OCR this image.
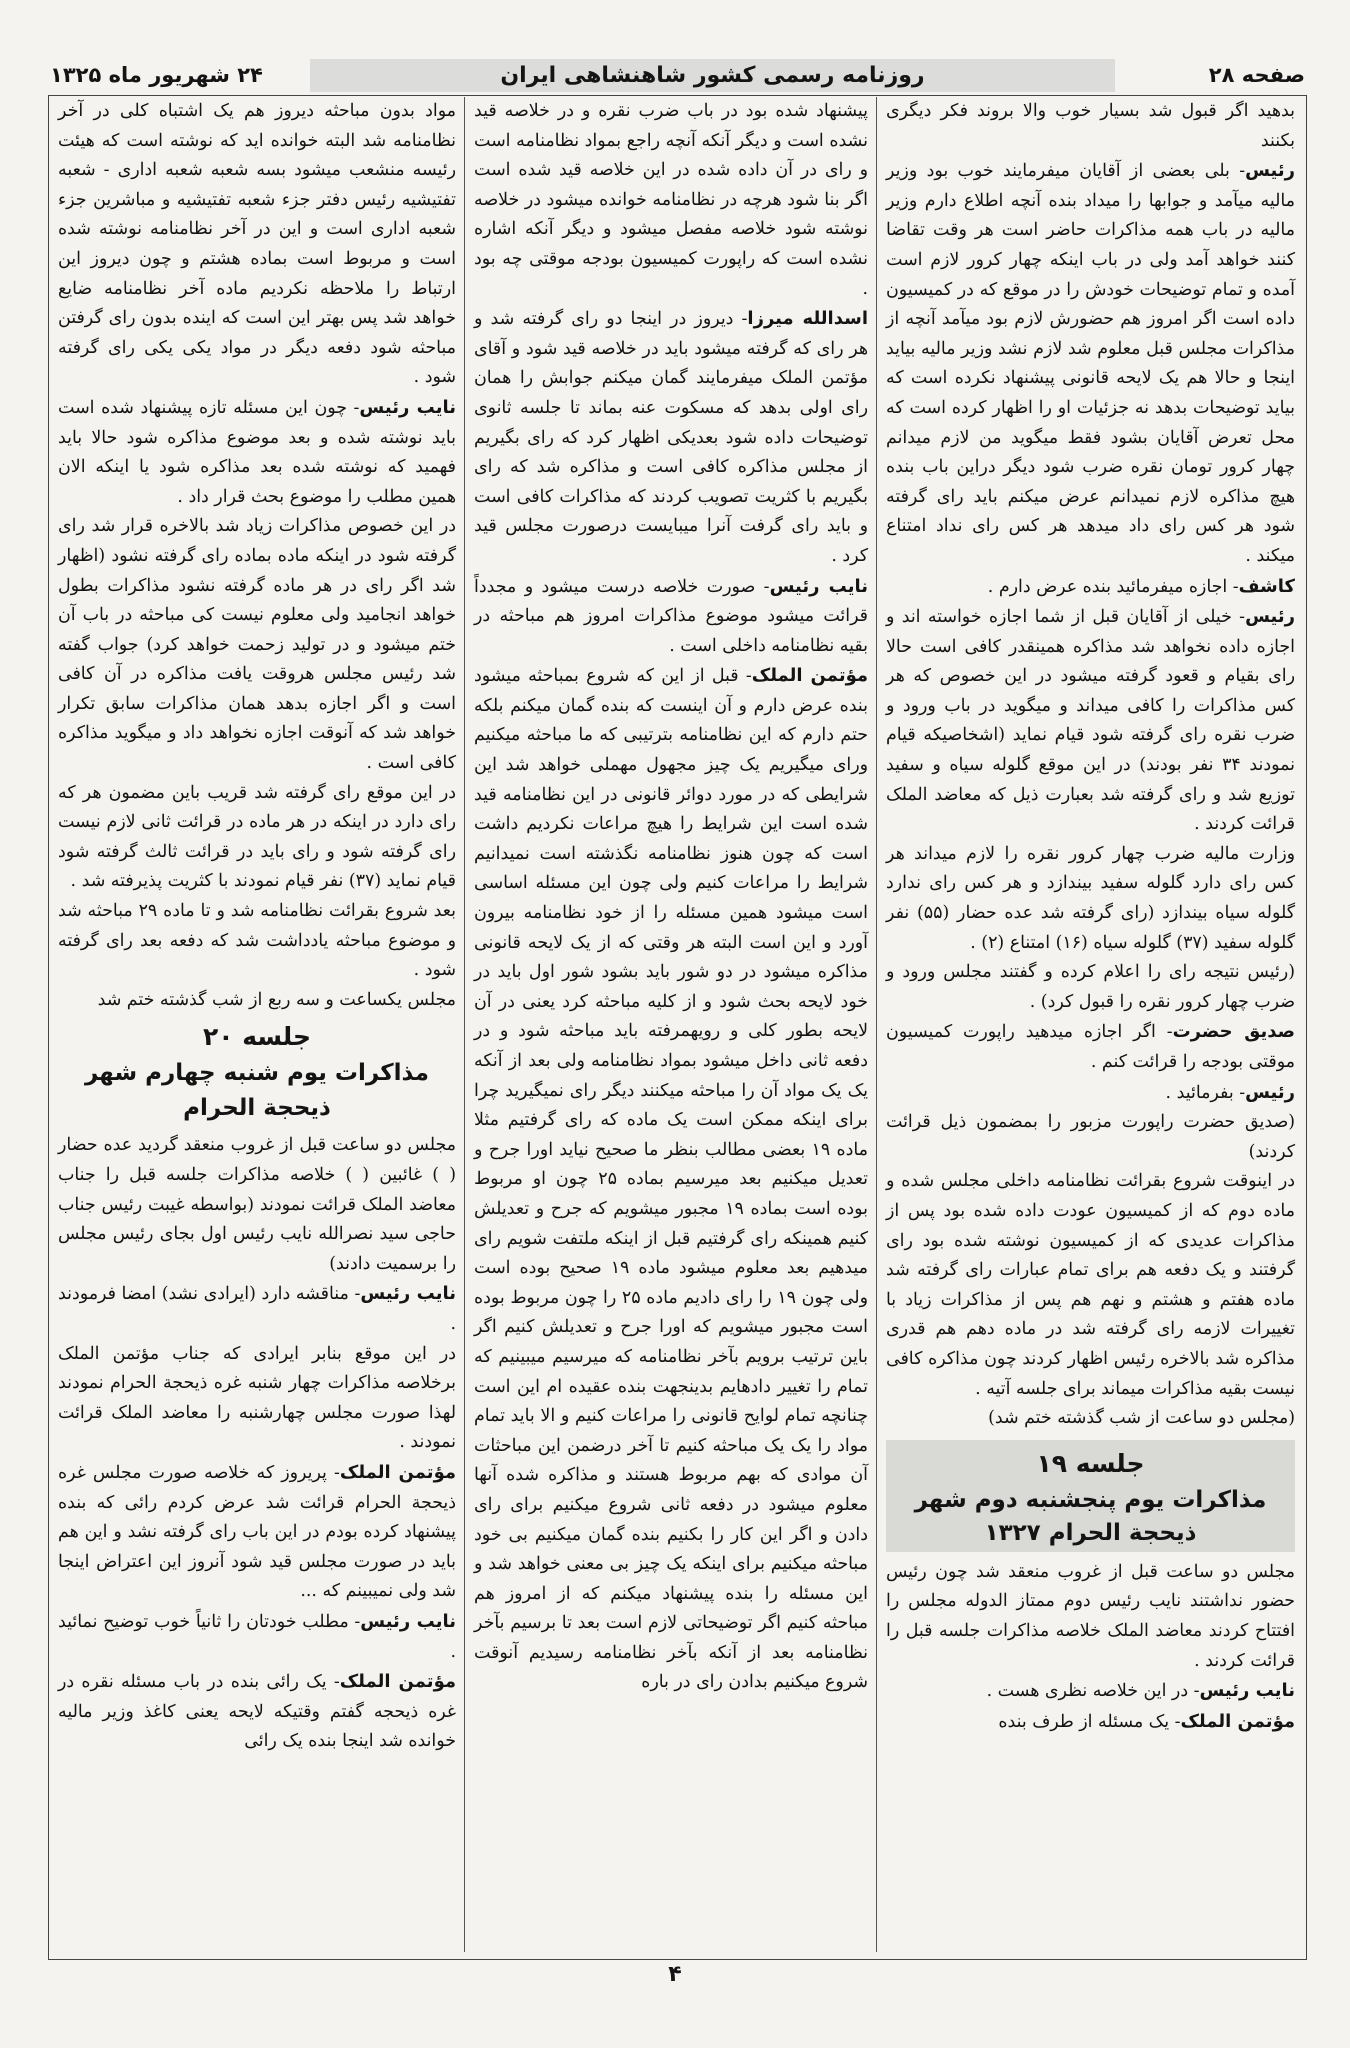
صفحه ۲۸
روزنامه رسمی کشور شاهنشاهی ایران
۲۴ شهریور ماه ۱۳۲۵

بدهید اگر قبول شد بسیار خوب والا بروند فکر دیگری بکنند

رئیس- بلی بعضی از آقایان میفرمایند خوب بود وزیر مالیه میآمد و جوابها را میداد بنده آنچه اطلاع دارم وزیر مالیه در باب همه مذاکرات حاضر است هر وقت تقاضا کنند خواهد آمد ولی در باب اینکه چهار کرور لازم است آمده و تمام توضیحات خودش را در موقع که در کمیسیون داده است اگر امروز هم حضورش لازم بود میآمد آنچه از مذاکرات مجلس قبل معلوم شد لازم نشد وزیر مالیه بیاید اینجا و حالا هم یک لایحه قانونی پیشنهاد نکرده است که بیاید توضیحات بدهد نه جزئیات او را اظهار کرده است که محل تعرض آقایان بشود فقط میگوید من لازم میدانم چهار کرور تومان نقره ضرب شود دیگر دراین باب بنده هیچ مذاکره لازم نمیدانم عرض میکنم باید رای گرفته شود هر کس رای داد میدهد هر کس رای نداد امتناع میکند .

کاشف- اجازه میفرمائید بنده عرض دارم .

رئیس- خیلی از آقایان قبل از شما اجازه خواسته اند و اجازه داده نخواهد شد مذاکره همینقدر کافی است حالا رای بقیام و قعود گرفته میشود در این خصوص که هر کس مذاکرات را کافی میداند و میگوید در باب ورود و ضرب نقره رای گرفته شود قیام نماید (اشخاصیکه قیام نمودند ۳۴ نفر بودند) در این موقع گلوله سیاه و سفید توزیع شد و رای گرفته شد بعبارت ذیل که معاضد الملک قرائت کردند .

وزارت مالیه ضرب چهار کرور نقره را لازم میداند هر کس رای دارد گلوله سفید بیندازد و هر کس رای ندارد گلوله سیاه بیندازد (رای گرفته شد عده حضار (۵۵) نفر گلوله سفید (۳۷) گلوله سیاه (۱۶) امتناع (۲) .

(رئیس نتیجه رای را اعلام کرده و گفتند مجلس ورود و ضرب چهار کرور نقره را قبول کرد) .

صدیق حضرت- اگر اجازه میدهید راپورت کمیسیون موقتی بودجه را قرائت کنم .

رئیس- بفرمائید .

(صدیق حضرت راپورت مزبور را بمضمون ذیل قرائت کردند)

در اینوقت شروع بقرائت نظامنامه داخلی مجلس شده و ماده دوم که از کمیسیون عودت داده شده بود پس از مذاکرات عدیدی که از کمیسیون نوشته شده بود رای گرفتند و یک دفعه هم برای تمام عبارات رای گرفته شد ماده هفتم و هشتم و نهم هم پس از مذاکرات زیاد با تغییرات لازمه رای گرفته شد در ماده دهم هم قدری مذاکره شد بالاخره رئیس اظهار کردند چون مذاکره کافی نیست بقیه مذاکرات میماند برای جلسه آتیه .

(مجلس دو ساعت از شب گذشته ختم شد)

جلسه ۱۹
مذاکرات یوم پنجشنبه دوم شهر
ذیحجة الحرام ۱۳۲۷

مجلس دو ساعت قبل از غروب منعقد شد چون رئیس حضور نداشتند نایب رئیس دوم ممتاز الدوله مجلس را افتتاح کردند معاضد الملک خلاصه مذاکرات جلسه قبل را قرائت کردند .

نایب رئیس- در این خلاصه نظری هست .

مؤتمن الملک- یک مسئله از طرف بنده

پیشنهاد شده بود در باب ضرب نقره و در خلاصه قید نشده است و دیگر آنکه آنچه راجع بمواد نظامنامه است و رای در آن داده شده در این خلاصه قید شده است اگر بنا شود هرچه در نظامنامه خوانده میشود در خلاصه نوشته شود خلاصه مفصل میشود و دیگر آنکه اشاره نشده است که راپورت کمیسیون بودجه موقتی چه بود .

اسدالله میرزا- دیروز در اینجا دو رای گرفته شد و هر رای که گرفته میشود باید در خلاصه قید شود و آقای مؤتمن الملک میفرمایند گمان میکنم جوابش را همان رای اولی بدهد که مسکوت عنه بماند تا جلسه ثانوی توضیحات داده شود بعدیکی اظهار کرد که رای بگیریم از مجلس مذاکره کافی است و مذاکره شد که رای بگیریم با کثریت تصویب کردند که مذاکرات کافی است و باید رای گرفت آنرا میبایست درصورت مجلس قید کرد .

نایب رئیس- صورت خلاصه درست میشود و مجدداً قرائت میشود موضوع مذاکرات امروز هم مباحثه در بقیه نظامنامه داخلی است .

مؤتمن الملک- قبل از این که شروع بمباحثه میشود بنده عرض دارم و آن اینست که بنده گمان میکنم بلکه حتم دارم که این نظامنامه بترتیبی که ما مباحثه میکنیم ورای میگیریم یک چیز مجهول مهملی خواهد شد این شرایطی که در مورد دوائر قانونی در این نظامنامه قید شده است این شرایط را هیچ مراعات نکردیم داشت است که چون هنوز نظامنامه نگذشته است نمیدانیم شرایط را مراعات کنیم ولی چون این مسئله اساسی است میشود همین مسئله را از خود نظامنامه بیرون آورد و این است البته هر وقتی که از یک لایحه قانونی مذاکره میشود در دو شور باید بشود شور اول باید در خود لایحه بحث شود و از کلیه مباحثه کرد یعنی در آن لایحه بطور کلی و رویهمرفته باید مباحثه شود و در دفعه ثانی داخل میشود بمواد نظامنامه ولی بعد از آنکه یک یک مواد آن را مباحثه میکنند دیگر رای نمیگیرید چرا برای اینکه ممکن است یک ماده که رای گرفتیم مثلا ماده ۱۹ بعضی مطالب بنظر ما صحیح نیاید اورا جرح و تعدیل میکنیم بعد میرسیم بماده ۲۵ چون او مربوط بوده است بماده ۱۹ مجبور میشویم که جرح و تعدیلش کنیم همینکه رای گرفتیم قبل از اینکه ملتفت شویم رای میدهیم بعد معلوم میشود ماده ۱۹ صحیح بوده است ولی چون ۱۹ را رای دادیم ماده ۲۵ را چون مربوط بوده است مجبور میشویم که اورا جرح و تعدیلش کنیم اگر باین ترتیب برویم بآخر نظامنامه که میرسیم میبینیم که تمام را تغییر دادهایم بدینجهت بنده عقیده ام این است چنانچه تمام لوایح قانونی را مراعات کنیم و الا باید تمام مواد را یک یک مباحثه کنیم تا آخر درضمن این مباحثات آن موادی که بهم مربوط هستند و مذاکره شده آنها معلوم میشود در دفعه ثانی شروع میکنیم برای رای دادن و اگر این کار را بکنیم بنده گمان میکنیم بی خود مباحثه میکنیم برای اینکه یک چیز بی معنی خواهد شد و این مسئله را بنده پیشنهاد میکنم که از امروز هم مباحثه کنیم اگر توضیحاتی لازم است بعد تا برسیم بآخر نظامنامه بعد از آنکه بآخر نظامنامه رسیدیم آنوقت شروع میکنیم بدادن رای در باره

مواد بدون مباحثه دیروز هم یک اشتباه کلی در آخر نظامنامه شد البته خوانده اید که نوشته است که هیئت رئیسه منشعب میشود بسه شعبه شعبه اداری - شعبه تفتیشیه رئیس دفتر جزء شعبه تفتیشیه و مباشرین جزء شعبه اداری است و این در آخر نظامنامه نوشته شده است و مربوط است بماده هشتم و چون دیروز این ارتباط را ملاحظه نکردیم ماده آخر نظامنامه ضایع خواهد شد پس بهتر این است که اینده بدون رای گرفتن مباحثه شود دفعه دیگر در مواد یکی یکی رای گرفته شود .

نایب رئیس- چون این مسئله تازه پیشنهاد شده است باید نوشته شده و بعد موضوع مذاکره شود حالا باید فهمید که نوشته شده بعد مذاکره شود یا اینکه الان همین مطلب را موضوع بحث قرار داد .

در این خصوص مذاکرات زیاد شد بالاخره قرار شد رای گرفته شود در اینکه ماده بماده رای گرفته نشود (اظهار شد اگر رای در هر ماده گرفته نشود مذاکرات بطول خواهد انجامید ولی معلوم نیست کی مباحثه در باب آن ختم میشود و در تولید زحمت خواهد کرد) جواب گفته شد رئیس مجلس هروقت یافت مذاکره در آن کافی است و اگر اجازه بدهد همان مذاکرات سابق تکرار خواهد شد که آنوقت اجازه نخواهد داد و میگوید مذاکره کافی است .

در این موقع رای گرفته شد قریب باین مضمون هر که رای دارد در اینکه در هر ماده در قرائت ثانی لازم نیست رای گرفته شود و رای باید در قرائت ثالث گرفته شود قیام نماید (۳۷) نفر قیام نمودند با کثریت پذیرفته شد .

بعد شروع بقرائت نظامنامه شد و تا ماده ۲۹ مباحثه شد و موضوع مباحثه یادداشت شد که دفعه بعد رای گرفته شود .

مجلس یکساعت و سه ربع از شب گذشته ختم شد

جلسه ۲۰
مذاکرات یوم شنبه چهارم شهر
ذیحجة الحرام

مجلس دو ساعت قبل از غروب منعقد گردید عده حضار ( ) غائبین ( ) خلاصه مذاکرات جلسه قبل را جناب معاضد الملک قرائت نمودند (بواسطه غیبت رئیس جناب حاجی سید نصرالله نایب رئیس اول بجای رئیس مجلس را برسمیت دادند)

نایب رئیس- مناقشه دارد (ایرادی نشد) امضا فرمودند .

در این موقع بنابر ایرادی که جناب مؤتمن الملک برخلاصه مذاکرات چهار شنبه غره ذیحجة الحرام نمودند لهذا صورت مجلس چهارشنبه را معاضد الملک قرائت نمودند .

مؤتمن الملک- پریروز که خلاصه صورت مجلس غره ذیحجة الحرام قرائت شد عرض کردم رائی که بنده پیشنهاد کرده بودم در این باب رای گرفته نشد و این هم باید در صورت مجلس قید شود آنروز این اعتراض اینجا شد ولی نمیبینم که ...

نایب رئیس- مطلب خودتان را ثانیاً خوب توضیح نمائید .

مؤتمن الملک- یک رائی بنده در باب مسئله نقره در غره ذیحجه گفتم وقتیکه لایحه یعنی کاغذ وزیر مالیه خوانده شد اینجا بنده یک رائی

۴
